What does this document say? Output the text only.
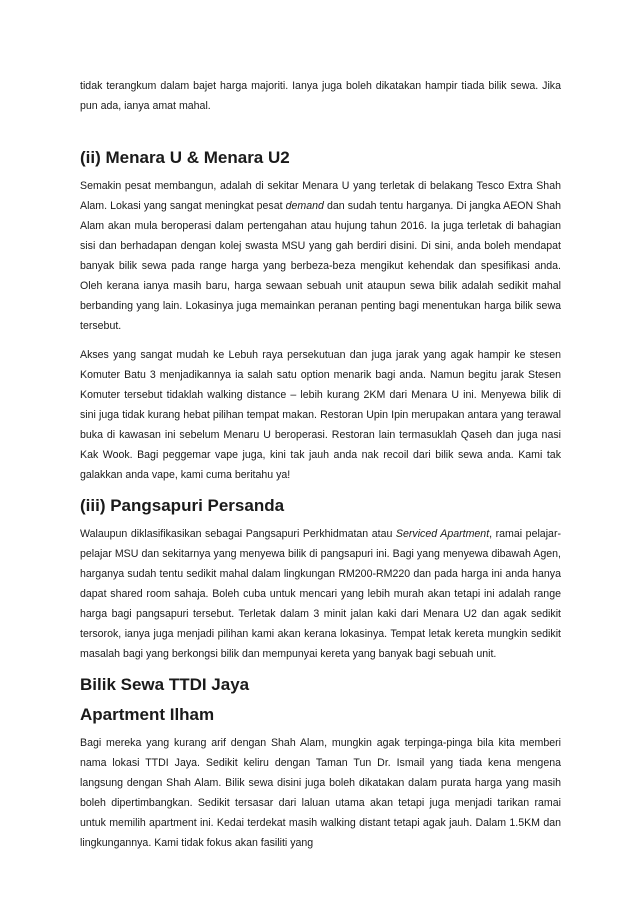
tidak terangkum dalam bajet harga majoriti. Ianya juga boleh dikatakan hampir tiada bilik sewa. Jika pun ada, ianya amat mahal.

(ii) Menara U & Menara U2

Semakin pesat membangun, adalah di sekitar Menara U yang terletak di belakang Tesco Extra Shah Alam. Lokasi yang sangat meningkat pesat demand dan sudah tentu harganya. Di jangka AEON Shah Alam akan mula beroperasi dalam pertengahan atau hujung tahun 2016. Ia juga terletak di bahagian sisi dan berhadapan dengan kolej swasta MSU yang gah berdiri disini. Di sini, anda boleh mendapat banyak bilik sewa pada range harga yang berbeza-beza mengikut kehendak dan spesifikasi anda. Oleh kerana ianya masih baru, harga sewaan sebuah unit ataupun sewa bilik adalah sedikit mahal berbanding yang lain. Lokasinya juga memainkan peranan penting bagi menentukan harga bilik sewa tersebut.

Akses yang sangat mudah ke Lebuh raya persekutuan dan juga jarak yang agak hampir ke stesen Komuter Batu 3 menjadikannya ia salah satu option menarik bagi anda. Namun begitu jarak Stesen Komuter tersebut tidaklah walking distance – lebih kurang 2KM dari Menara U ini. Menyewa bilik di sini juga tidak kurang hebat pilihan tempat makan. Restoran Upin Ipin merupakan antara yang terawal buka di kawasan ini sebelum Menaru U beroperasi. Restoran lain termasuklah Qaseh dan juga nasi Kak Wook. Bagi peggemar vape juga, kini tak jauh anda nak recoil dari bilik sewa anda. Kami tak galakkan anda vape, kami cuma beritahu ya!

(iii) Pangsapuri Persanda

Walaupun diklasifikasikan sebagai Pangsapuri Perkhidmatan atau Serviced Apartment, ramai pelajar-pelajar MSU dan sekitarnya yang menyewa bilik di pangsapuri ini. Bagi yang menyewa dibawah Agen, harganya sudah tentu sedikit mahal dalam lingkungan RM200-RM220 dan pada harga ini anda hanya dapat shared room sahaja. Boleh cuba untuk mencari yang lebih murah akan tetapi ini adalah range harga bagi pangsapuri tersebut. Terletak dalam 3 minit jalan kaki dari Menara U2 dan agak sedikit tersorok, ianya juga menjadi pilihan kami akan kerana lokasinya. Tempat letak kereta mungkin sedikit masalah bagi yang berkongsi bilik dan mempunyai kereta yang banyak bagi sebuah unit.

Bilik Sewa TTDI Jaya
Apartment Ilham

Bagi mereka yang kurang arif dengan Shah Alam, mungkin agak terpinga-pinga bila kita memberi nama lokasi TTDI Jaya. Sedikit keliru dengan Taman Tun Dr. Ismail yang tiada kena mengena langsung dengan Shah Alam. Bilik sewa disini juga boleh dikatakan dalam purata harga yang masih boleh dipertimbangkan. Sedikit tersasar dari laluan utama akan tetapi juga menjadi tarikan ramai untuk memilih apartment ini. Kedai terdekat masih walking distant tetapi agak jauh. Dalam 1.5KM dan lingkungannya. Kami tidak fokus akan fasiliti yang
